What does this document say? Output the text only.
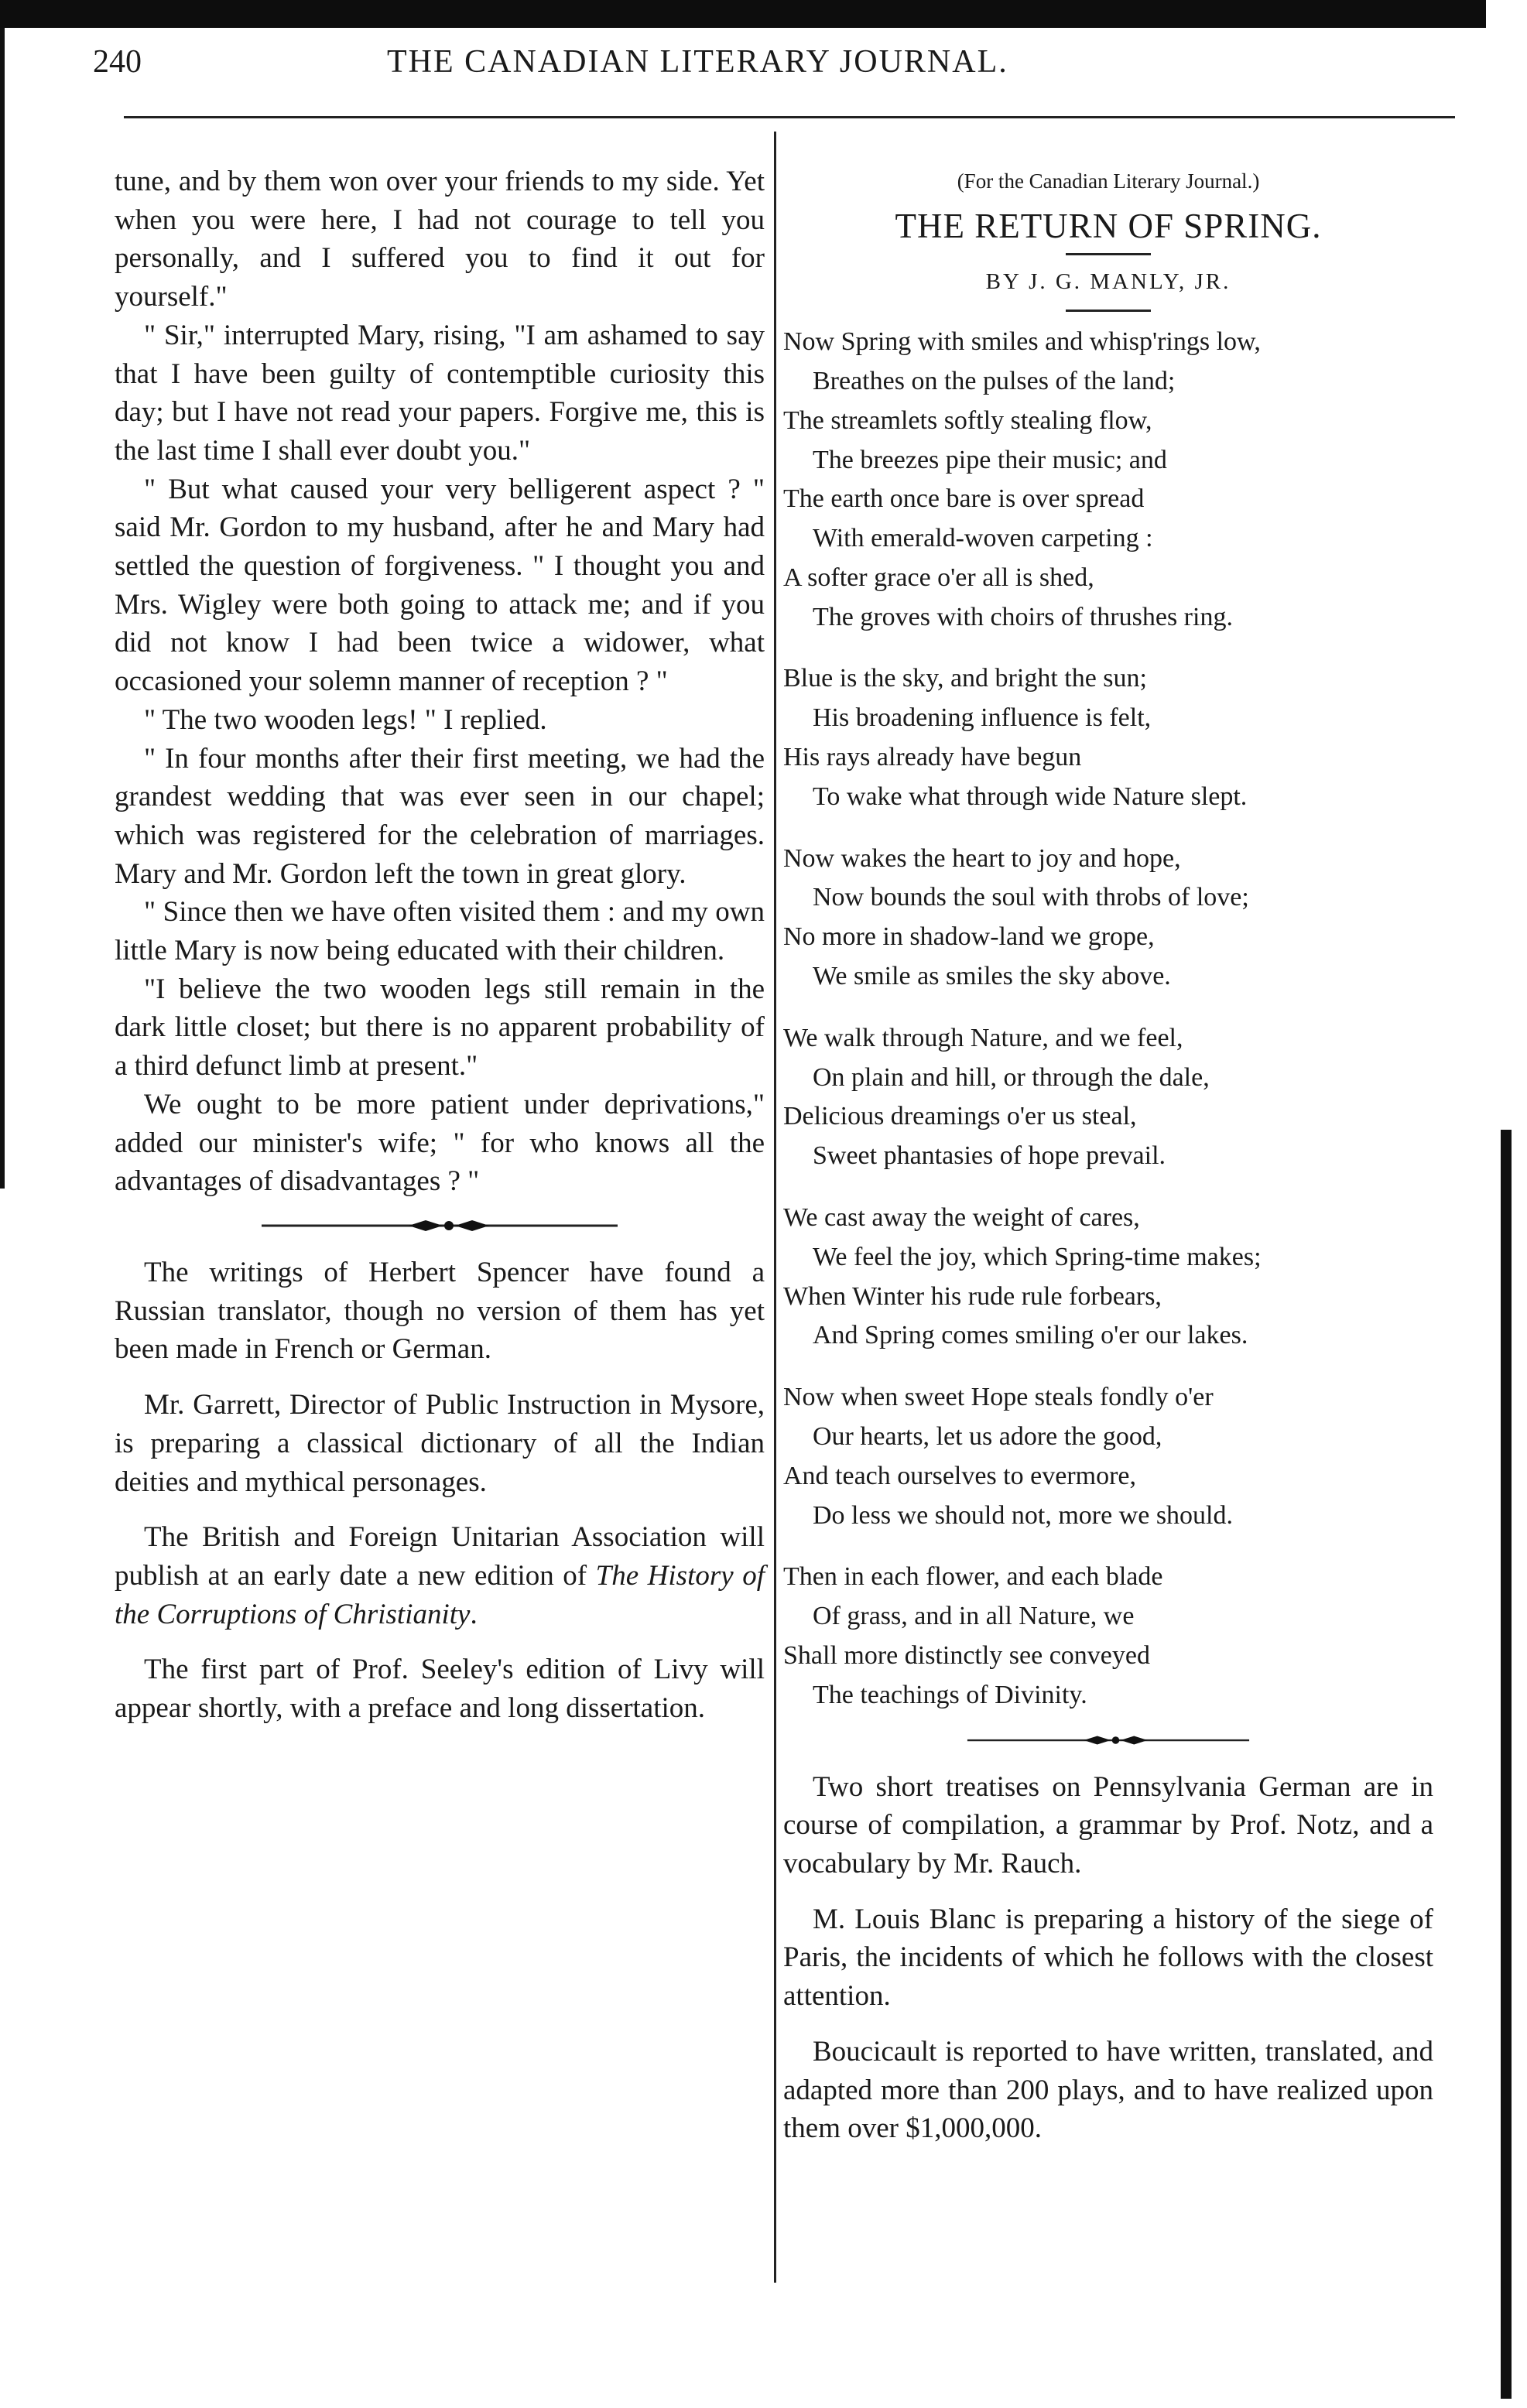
240	THE CANADIAN LITERARY JOURNAL.

tune, and by them won over your friends to my side. Yet when you were here, I had not courage to tell you personally, and I suffered you to find it out for yourself."

" Sir," interrupted Mary, rising, "I am ashamed to say that I have been guilty of contemptible curiosity this day; but I have not read your papers. Forgive me, this is the last time I shall ever doubt you."

" But what caused your very belligerent aspect ? " said Mr. Gordon to my husband, after he and Mary had settled the question of forgiveness. " I thought you and Mrs. Wigley were both going to attack me; and if you did not know I had been twice a widower, what occasioned your solemn manner of reception ? "

" The two wooden legs! " I replied.

" In four months after their first meeting, we had the grandest wedding that was ever seen in our chapel; which was registered for the celebration of marriages. Mary and Mr. Gordon left the town in great glory.

" Since then we have often visited them : and my own little Mary is now being educated with their children.

"I believe the two wooden legs still remain in the dark little closet; but there is no apparent probability of a third defunct limb at present."

We ought to be more patient under deprivations," added our minister's wife; " for who knows all the advantages of disadvantages ? "

The writings of Herbert Spencer have found a Russian translator, though no version of them has yet been made in French or German.

Mr. Garrett, Director of Public Instruction in Mysore, is preparing a classical dictionary of all the Indian deities and mythical personages.

The British and Foreign Unitarian Association will publish at an early date a new edition of The History of the Corruptions of Christianity.

The first part of Prof. Seeley's edition of Livy will appear shortly, with a preface and long dissertation.

(For the Canadian Literary Journal.)

THE RETURN OF SPRING.

BY J. G. MANLY, JR.

Now Spring with smiles and whisp'rings low,
Breathes on the pulses of the land;
The streamlets softly stealing flow,
The breezes pipe their music; and
The earth once bare is over spread
With emerald-woven carpeting :
A softer grace o'er all is shed,
The groves with choirs of thrushes ring.
Blue is the sky, and bright the sun;
His broadening influence is felt,
His rays already have begun
To wake what through wide Nature slept.
Now wakes the heart to joy and hope,
Now bounds the soul with throbs of love;
No more in shadow-land we grope,
We smile as smiles the sky above.
We walk through Nature, and we feel,
On plain and hill, or through the dale,
Delicious dreamings o'er us steal,
Sweet phantasies of hope prevail.
We cast away the weight of cares,
We feel the joy, which Spring-time makes;
When Winter his rude rule forbears,
And Spring comes smiling o'er our lakes.
Now when sweet Hope steals fondly o'er
Our hearts, let us adore the good,
And teach ourselves to evermore,
Do less we should not, more we should.
Then in each flower, and each blade
Of grass, and in all Nature, we
Shall more distinctly see conveyed
The teachings of Divinity.

Two short treatises on Pennsylvania German are in course of compilation, a grammar by Prof. Notz, and a vocabulary by Mr. Rauch.

M. Louis Blanc is preparing a history of the siege of Paris, the incidents of which he follows with the closest attention.

Boucicault is reported to have written, translated, and adapted more than 200 plays, and to have realized upon them over $1,000,000.
